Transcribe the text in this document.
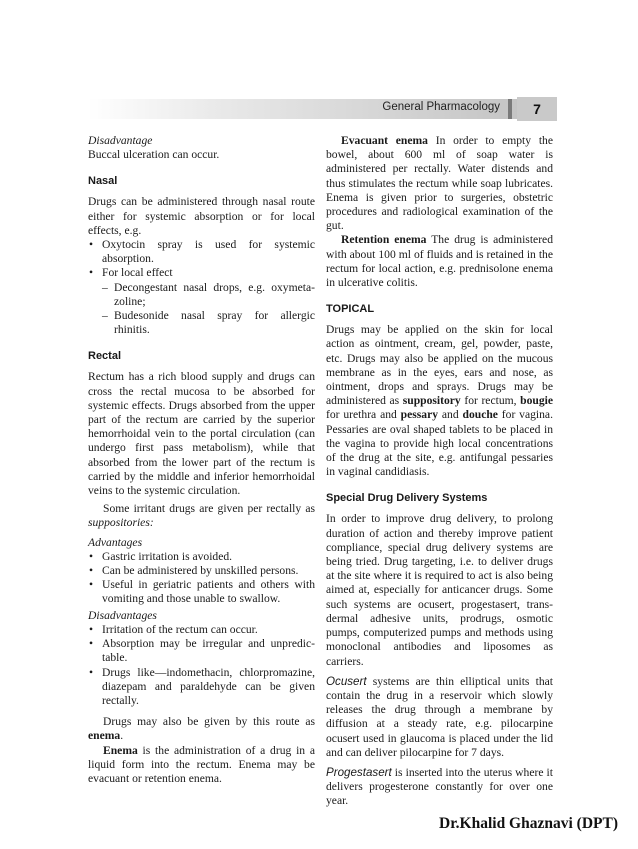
General Pharmacology	7

Disadvantage

Buccal ulceration can occur.

Nasal

Drugs can be administered through nasal route either for systemic absorption or for local effects, e.g.

• Oxytocin spray is used for systemic absorption.
• For local effect
– Decongestant nasal drops, e.g. oxymeta-zoline;
– Budesonide nasal spray for allergic rhinitis.

Rectal

Rectum has a rich blood supply and drugs can cross the rectal mucosa to be absorbed for systemic effects. Drugs absorbed from the upper part of the rectum are carried by the superior hemorrhoidal vein to the portal circulation (can undergo first pass metabolism), while that absorbed from the lower part of the rectum is carried by the middle and inferior hemorrhoidal veins to the systemic circulation.

Some irritant drugs are given per rectally as suppositories:

Advantages

• Gastric irritation is avoided.
• Can be administered by unskilled persons.
• Useful in geriatric patients and others with vomiting and those unable to swallow.

Disadvantages

• Irritation of the rectum can occur.
• Absorption may be irregular and unpredic-table.
• Drugs like—indomethacin, chlorpromazine, diazepam and paraldehyde can be given rectally.

Drugs may also be given by this route as enema.

Enema is the administration of a drug in a liquid form into the rectum. Enema may be evacuant or retention enema.

Evacuant enema In order to empty the bowel, about 600 ml of soap water is administered per rectally. Water distends and thus stimulates the rectum while soap lubricates. Enema is given prior to surgeries, obstetric procedures and radiological examination of the gut.

Retention enema The drug is administered with about 100 ml of fluids and is retained in the rectum for local action, e.g. prednisolone enema in ulcerative colitis.

TOPICAL

Drugs may be applied on the skin for local action as ointment, cream, gel, powder, paste, etc. Drugs may also be applied on the mucous membrane as in the eyes, ears and nose, as ointment, drops and sprays. Drugs may be administered as suppository for rectum, bougie for urethra and pessary and douche for vagina. Pessaries are oval shaped tablets to be placed in the vagina to provide high local concentrations of the drug at the site, e.g. antifungal pessaries in vaginal candidiasis.

Special Drug Delivery Systems

In order to improve drug delivery, to prolong duration of action and thereby improve patient compliance, special drug delivery systems are being tried. Drug targeting, i.e. to deliver drugs at the site where it is required to act is also being aimed at, especially for anticancer drugs. Some such systems are ocusert, progestasert, trans-dermal adhesive units, prodrugs, osmotic pumps, computerized pumps and methods using monoclonal antibodies and liposomes as carriers.

Ocusert systems are thin elliptical units that contain the drug in a reservoir which slowly releases the drug through a membrane by diffusion at a steady rate, e.g. pilocarpine ocusert used in glaucoma is placed under the lid and can deliver pilocarpine for 7 days.

Progestasert is inserted into the uterus where it delivers progesterone constantly for over one year.

Dr.Khalid Ghaznavi (DPT)
